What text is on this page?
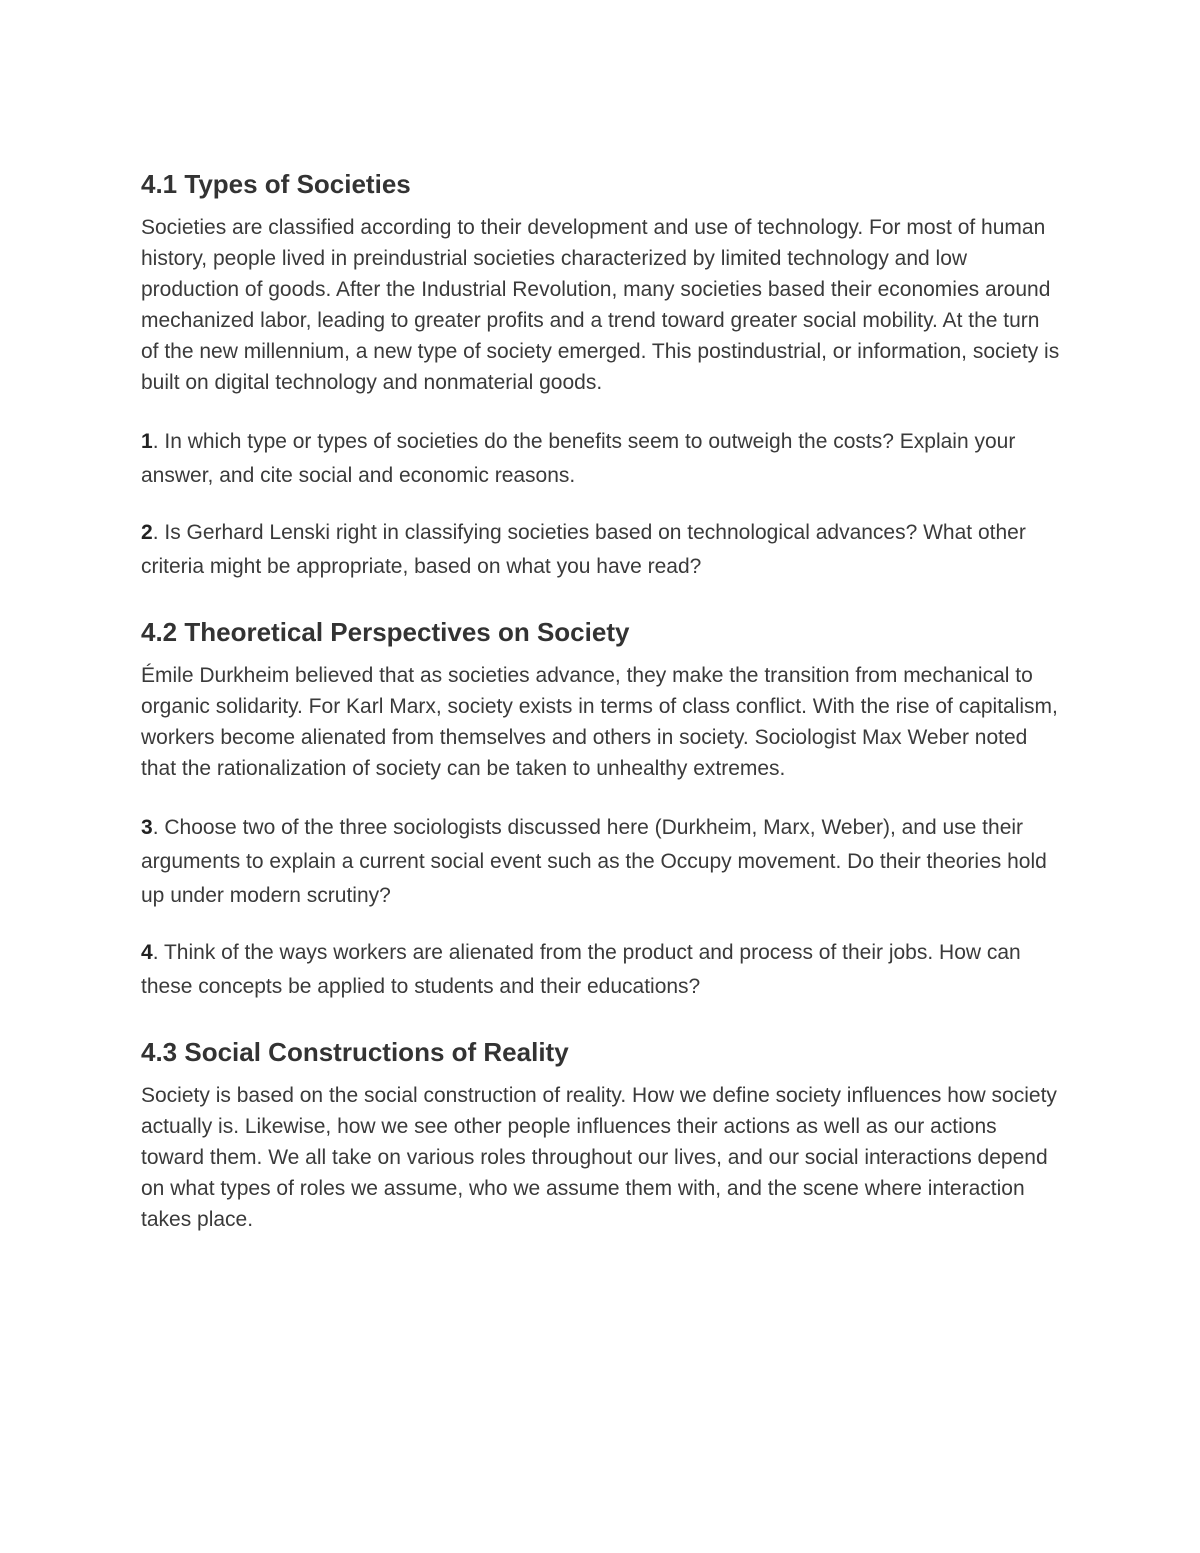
4.1 Types of Societies

Societies are classified according to their development and use of technology. For most of human history, people lived in preindustrial societies characterized by limited technology and low production of goods. After the Industrial Revolution, many societies based their economies around mechanized labor, leading to greater profits and a trend toward greater social mobility. At the turn of the new millennium, a new type of society emerged. This postindustrial, or information, society is built on digital technology and nonmaterial goods.

1. In which type or types of societies do the benefits seem to outweigh the costs? Explain your answer, and cite social and economic reasons.

2. Is Gerhard Lenski right in classifying societies based on technological advances? What other criteria might be appropriate, based on what you have read?

4.2 Theoretical Perspectives on Society

Émile Durkheim believed that as societies advance, they make the transition from mechanical to organic solidarity. For Karl Marx, society exists in terms of class conflict. With the rise of capitalism, workers become alienated from themselves and others in society. Sociologist Max Weber noted that the rationalization of society can be taken to unhealthy extremes.

3. Choose two of the three sociologists discussed here (Durkheim, Marx, Weber), and use their arguments to explain a current social event such as the Occupy movement. Do their theories hold up under modern scrutiny?

4. Think of the ways workers are alienated from the product and process of their jobs. How can these concepts be applied to students and their educations?

4.3 Social Constructions of Reality

Society is based on the social construction of reality. How we define society influences how society actually is. Likewise, how we see other people influences their actions as well as our actions toward them. We all take on various roles throughout our lives, and our social interactions depend on what types of roles we assume, who we assume them with, and the scene where interaction takes place.
